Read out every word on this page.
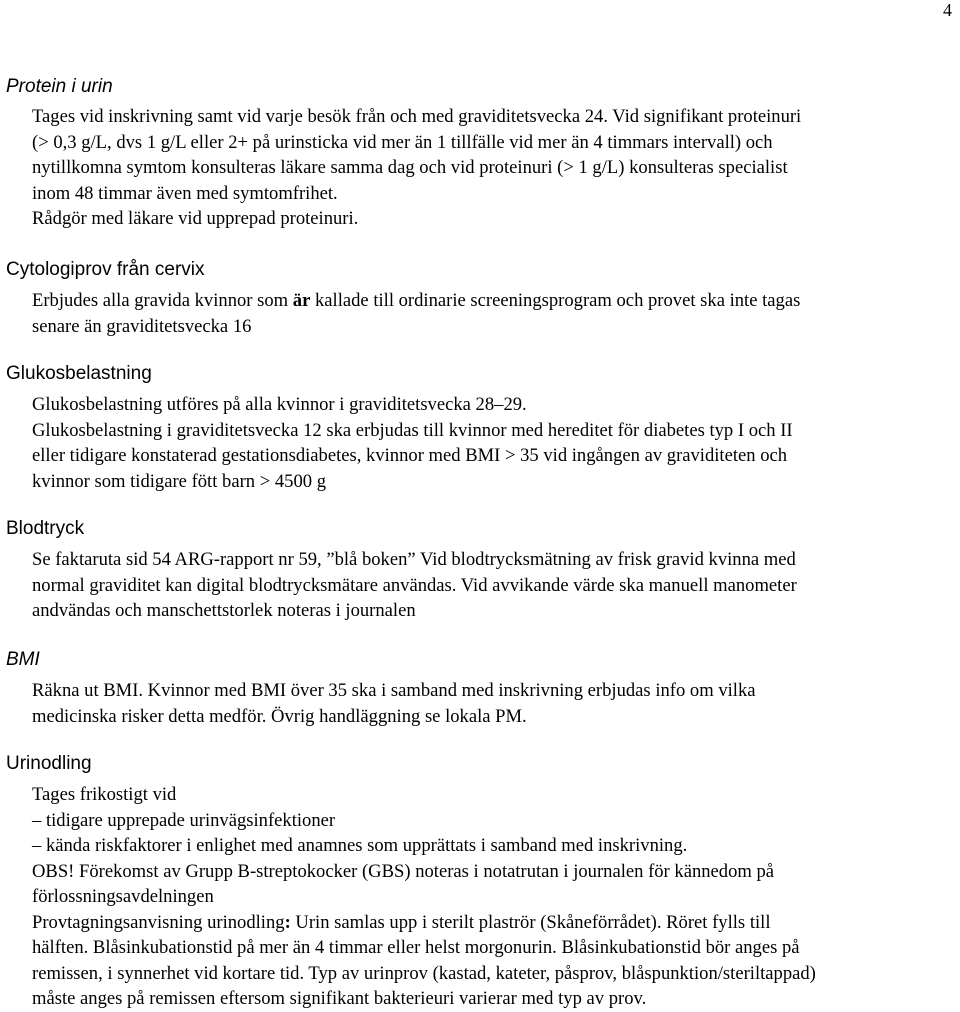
4
Protein i urin
Tages vid inskrivning samt vid varje besök från och med graviditetsvecka 24. Vid signifikant proteinuri
(> 0,3 g/L, dvs 1 g/L eller 2+ på urinsticka vid mer än 1 tillfälle vid mer än 4 timmars intervall) och
nytillkomna symtom konsulteras läkare samma dag och vid proteinuri (> 1 g/L) konsulteras specialist
inom 48 timmar även med symtomfrihet.
Rådgör med läkare vid upprepad proteinuri.
Cytologiprov från cervix
Erbjudes alla gravida kvinnor som är kallade till ordinarie screeningsprogram och provet ska inte tagas
senare än graviditetsvecka 16
Glukosbelastning
Glukosbelastning utföres på alla kvinnor i graviditetsvecka 28–29.
Glukosbelastning i graviditetsvecka 12 ska erbjudas till kvinnor med hereditet för diabetes typ I och II
eller tidigare konstaterad gestationsdiabetes, kvinnor med BMI > 35 vid ingången av graviditeten och
kvinnor som tidigare fött barn > 4500 g
Blodtryck
Se faktaruta sid 54 ARG-rapport nr 59, ”blå boken” Vid blodtrycksmätning av frisk gravid kvinna med
normal graviditet kan digital blodtrycksmätare användas. Vid avvikande värde ska manuell manometer
andvändas och manschettstorlek noteras i journalen
BMI
Räkna ut BMI. Kvinnor med BMI över 35 ska i samband med inskrivning erbjudas info om vilka
medicinska risker detta medför. Övrig handläggning se lokala PM.
Urinodling
Tages frikostigt vid
– tidigare upprepade urinvägsinfektioner
– kända riskfaktorer i enlighet med anamnes som upprättats i samband med inskrivning.
OBS! Förekomst av Grupp B-streptokocker (GBS) noteras i notatrutan i journalen för kännedom på
förlossningsavdelningen
Provtagningsanvisning urinodling: Urin samlas upp i sterilt plaströr (Skåneförrådet). Röret fylls till
hälften. Blåsinkubationstid på mer än 4 timmar eller helst morgonurin. Blåsinkubationstid bör anges på
remissen, i synnerhet vid kortare tid. Typ av urinprov (kastad, kateter, påsprov, blåspunktion/steriltappad)
måste anges på remissen eftersom signifikant bakterieuri varierar med typ av prov.
